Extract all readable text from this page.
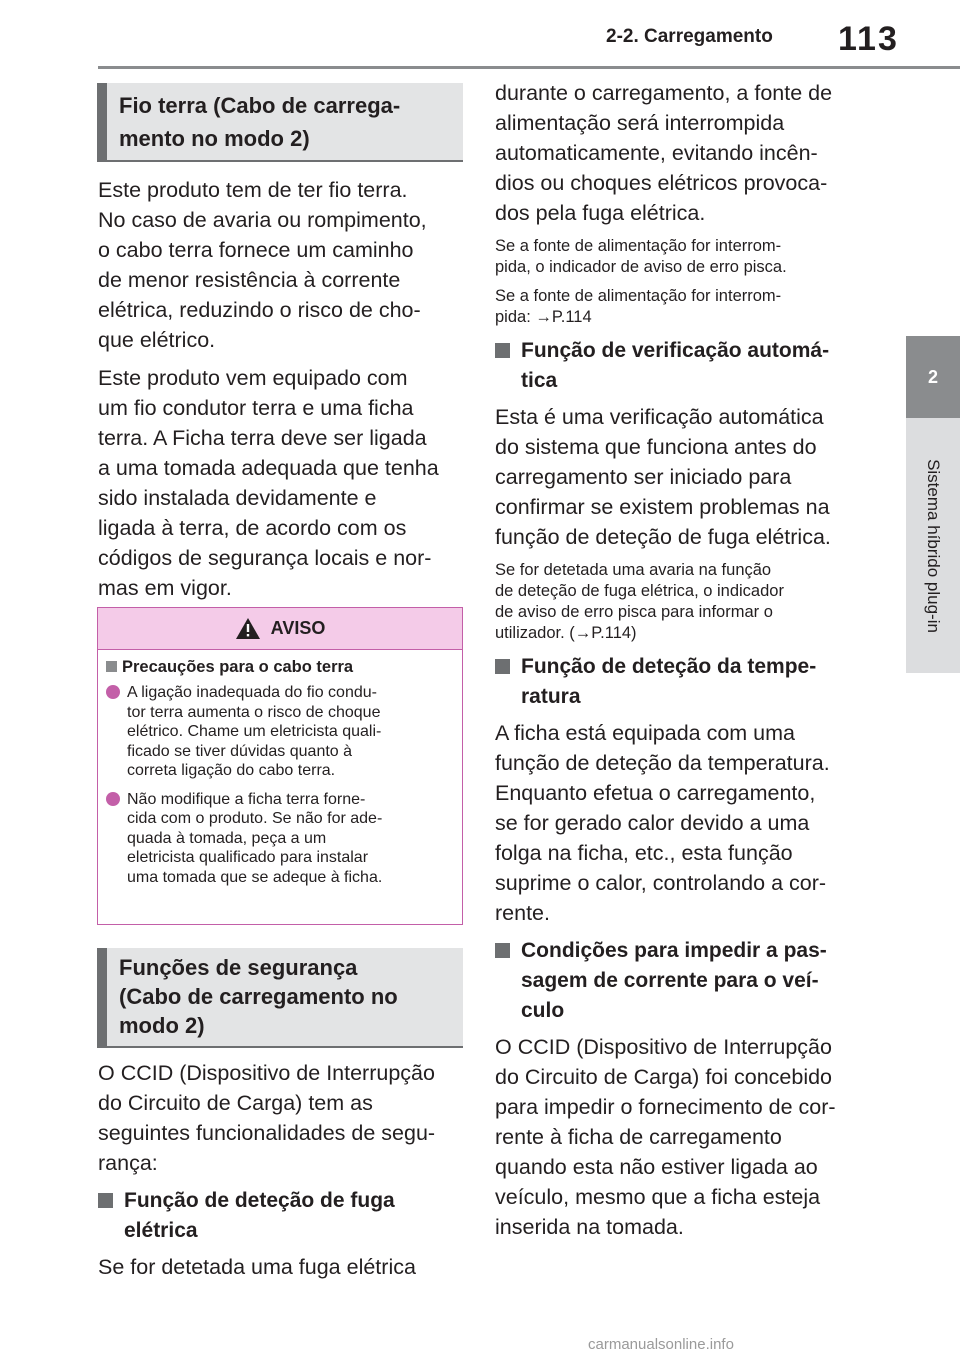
2-2. Carregamento 113
2
Sistema híbrido plug-in
Fio terra (Cabo de carrega-
mento no modo 2)

Este produto tem de ter fio terra.
No caso de avaria ou rompimento,
o cabo terra fornece um caminho
de menor resistência à corrente
elétrica, reduzindo o risco de cho-
que elétrico.

Este produto vem equipado com
um fio condutor terra e uma ficha
terra. A Ficha terra deve ser ligada
a uma tomada adequada que tenha
sido instalada devidamente e
ligada à terra, de acordo com os
códigos de segurança locais e nor-
mas em vigor.

AVISO
Precauções para o cabo terra
A ligação inadequada do fio condu-
tor terra aumenta o risco de choque
elétrico. Chame um eletricista quali-
ficado se tiver dúvidas quanto à
correta ligação do cabo terra.
Não modifique a ficha terra forne-
cida com o produto. Se não for ade-
quada à tomada, peça a um
eletricista qualificado para instalar
uma tomada que se adeque à ficha.
Funções de segurança
(Cabo de carregamento no
modo 2)

O CCID (Dispositivo de Interrupção
do Circuito de Carga) tem as
seguintes funcionalidades de segu-
rança:

Função de deteção de fuga
elétrica

Se for detetada uma fuga elétrica

durante o carregamento, a fonte de
alimentação será interrompida
automaticamente, evitando incên-
dios ou choques elétricos provoca-
dos pela fuga elétrica.

Se a fonte de alimentação for interrom-
pida, o indicador de aviso de erro pisca.

Se a fonte de alimentação for interrom-
pida: →P.114

Função de verificação automá-
tica

Esta é uma verificação automática
do sistema que funciona antes do
carregamento ser iniciado para
confirmar se existem problemas na
função de deteção de fuga elétrica.

Se for detetada uma avaria na função
de deteção de fuga elétrica, o indicador
de aviso de erro pisca para informar o
utilizador. (→P.114)

Função de deteção da tempe-
ratura

A ficha está equipada com uma
função de deteção da temperatura.
Enquanto efetua o carregamento,
se for gerado calor devido a uma
folga na ficha, etc., esta função
suprime o calor, controlando a cor-
rente.

Condições para impedir a pas-
sagem de corrente para o veí-
culo

O CCID (Dispositivo de Interrupção
do Circuito de Carga) foi concebido
para impedir o fornecimento de cor-
rente à ficha de carregamento
quando esta não estiver ligada ao
veículo, mesmo que a ficha esteja
inserida na tomada.

carmanualsonline.info
